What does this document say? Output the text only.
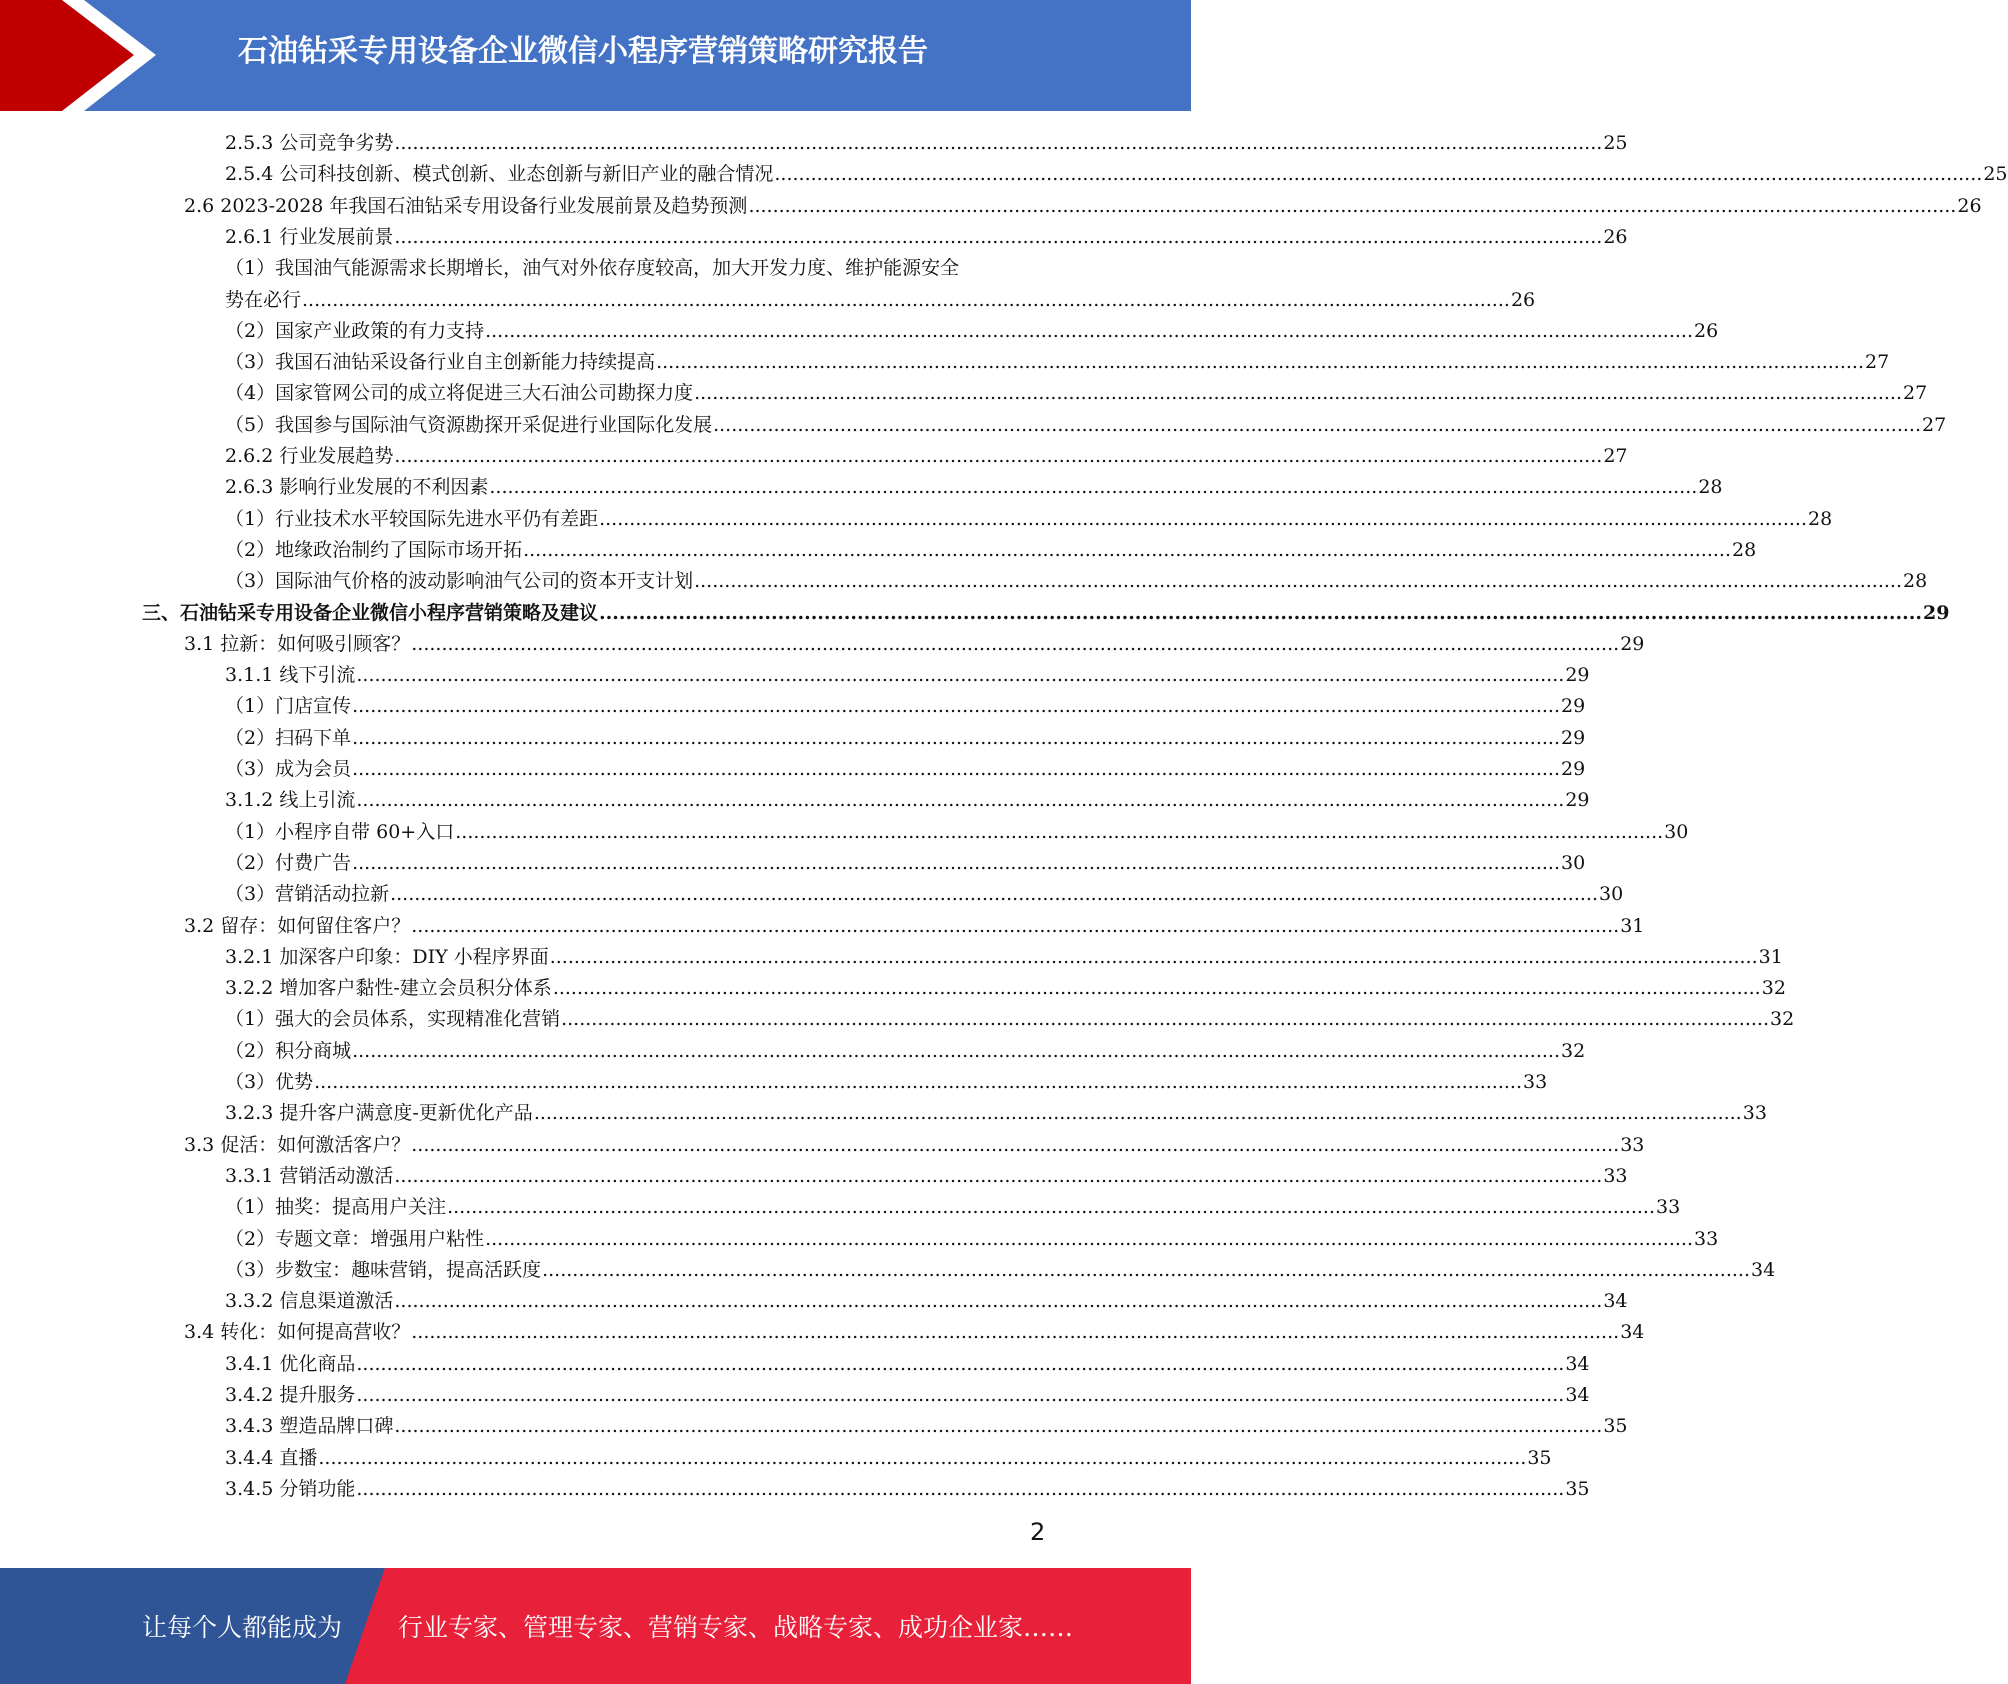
石油钻采专用设备企业微信小程序营销策略研究报告
2.5.3 公司竞争劣势 ........................................................................................................................................................................................................ 25
2.5.4 公司科技创新、模式创新、业态创新与新旧产业的融合情况 ........................................................................................................................................................................................................ 25
2.6 2023-2028 年我国石油钻采专用设备行业发展前景及趋势预测 ........................................................................................................................................................................................................ 26
2.6.1 行业发展前景 ........................................................................................................................................................................................................ 26
（1）我国油气能源需求长期增长，油气对外依存度较高，加大开发力度、维护能源安全
势在必行 ........................................................................................................................................................................................................ 26
（2）国家产业政策的有力支持 ........................................................................................................................................................................................................ 26
（3）我国石油钻采设备行业自主创新能力持续提高 ........................................................................................................................................................................................................ 27
（4）国家管网公司的成立将促进三大石油公司勘探力度 ........................................................................................................................................................................................................ 27
（5）我国参与国际油气资源勘探开采促进行业国际化发展 ........................................................................................................................................................................................................ 27
2.6.2 行业发展趋势 ........................................................................................................................................................................................................ 27
2.6.3 影响行业发展的不利因素 ........................................................................................................................................................................................................ 28
（1）行业技术水平较国际先进水平仍有差距 ........................................................................................................................................................................................................ 28
（2）地缘政治制约了国际市场开拓 ........................................................................................................................................................................................................ 28
（3）国际油气价格的波动影响油气公司的资本开支计划 ........................................................................................................................................................................................................ 28
三、石油钻采专用设备企业微信小程序营销策略及建议 ........................................................................................................................................................................................................ 29
3.1 拉新：如何吸引顾客？ ........................................................................................................................................................................................................ 29
3.1.1 线下引流 ........................................................................................................................................................................................................ 29
（1）门店宣传 ........................................................................................................................................................................................................ 29
（2）扫码下单 ........................................................................................................................................................................................................ 29
（3）成为会员 ........................................................................................................................................................................................................ 29
3.1.2 线上引流 ........................................................................................................................................................................................................ 29
（1）小程序自带 60+入口 ........................................................................................................................................................................................................ 30
（2）付费广告 ........................................................................................................................................................................................................ 30
（3）营销活动拉新 ........................................................................................................................................................................................................ 30
3.2 留存：如何留住客户？ ........................................................................................................................................................................................................ 31
3.2.1 加深客户印象：DIY 小程序界面 ........................................................................................................................................................................................................ 31
3.2.2 增加客户黏性-建立会员积分体系 ........................................................................................................................................................................................................ 32
（1）强大的会员体系，实现精准化营销 ........................................................................................................................................................................................................ 32
（2）积分商城 ........................................................................................................................................................................................................ 32
（3）优势 ........................................................................................................................................................................................................ 33
3.2.3 提升客户满意度-更新优化产品 ........................................................................................................................................................................................................ 33
3.3 促活：如何激活客户？ ........................................................................................................................................................................................................ 33
3.3.1 营销活动激活 ........................................................................................................................................................................................................ 33
（1）抽奖：提高用户关注 ........................................................................................................................................................................................................ 33
（2）专题文章：增强用户粘性 ........................................................................................................................................................................................................ 33
（3）步数宝：趣味营销，提高活跃度 ........................................................................................................................................................................................................ 34
3.3.2 信息渠道激活 ........................................................................................................................................................................................................ 34
3.4 转化：如何提高营收？ ........................................................................................................................................................................................................ 34
3.4.1 优化商品 ........................................................................................................................................................................................................ 34
3.4.2 提升服务 ........................................................................................................................................................................................................ 34
3.4.3 塑造品牌口碑 ........................................................................................................................................................................................................ 35
3.4.4 直播 ........................................................................................................................................................................................................ 35
3.4.5 分销功能 ........................................................................................................................................................................................................ 35
2
让每个人都能成为 行业专家、管理专家、营销专家、战略专家、成功企业家……
